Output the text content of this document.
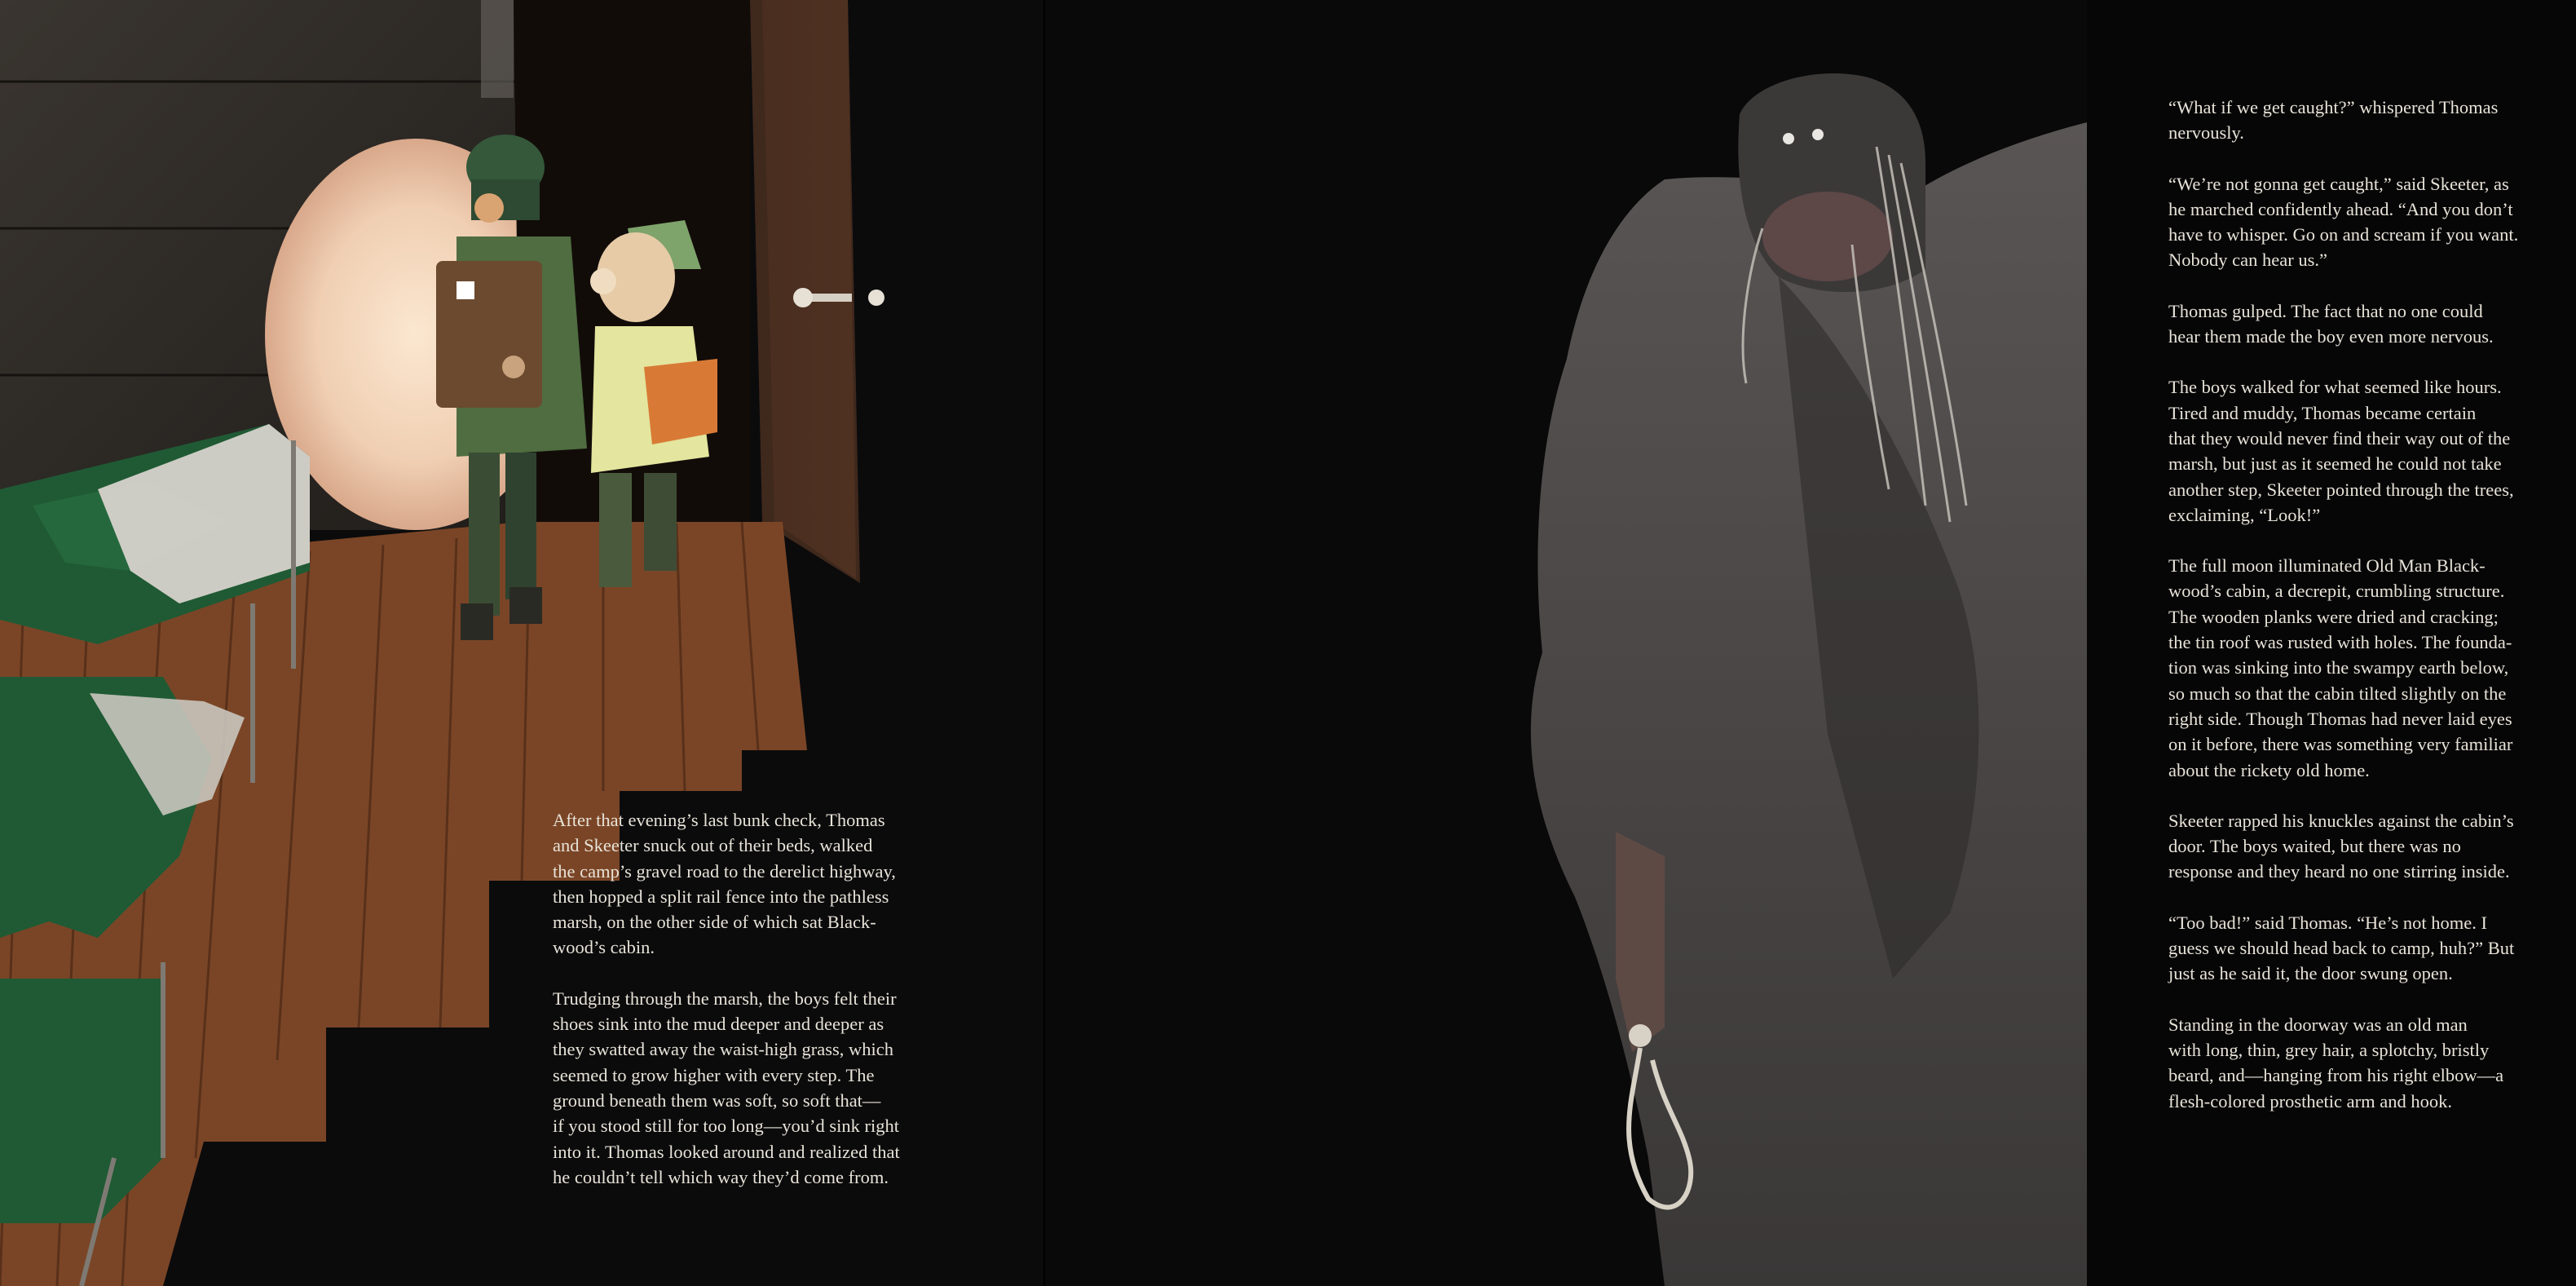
After that evening’s last bunk check, Thomas
and Skeeter snuck out of their beds, walked
the camp’s gravel road to the derelict highway,
then hopped a split rail fence into the pathless
marsh, on the other side of which sat Black-
wood’s cabin.

Trudging through the marsh, the boys felt their
shoes sink into the mud deeper and deeper as
they swatted away the waist-high grass, which
seemed to grow higher with every step. The
ground beneath them was soft, so soft that—
if you stood still for too long—you’d sink right
into it. Thomas looked around and realized that
he couldn’t tell which way they’d come from.

“What if we get caught?” whispered Thomas
nervously.

“We’re not gonna get caught,” said Skeeter, as
he marched confidently ahead. “And you don’t
have to whisper. Go on and scream if you want.
Nobody can hear us.”

Thomas gulped. The fact that no one could
hear them made the boy even more nervous.

The boys walked for what seemed like hours.
Tired and muddy, Thomas became certain
that they would never find their way out of the
marsh, but just as it seemed he could not take
another step, Skeeter pointed through the trees,
exclaiming, “Look!”

The full moon illuminated Old Man Black-
wood’s cabin, a decrepit, crumbling structure.
The wooden planks were dried and cracking;
the tin roof was rusted with holes. The founda-
tion was sinking into the swampy earth below,
so much so that the cabin tilted slightly on the
right side. Though Thomas had never laid eyes
on it before, there was something very familiar
about the rickety old home.

Skeeter rapped his knuckles against the cabin’s
door. The boys waited, but there was no
response and they heard no one stirring inside.

“Too bad!” said Thomas. “He’s not home. I
guess we should head back to camp, huh?” But
just as he said it, the door swung open.

Standing in the doorway was an old man
with long, thin, grey hair, a splotchy, bristly
beard, and—hanging from his right elbow—a
flesh-colored prosthetic arm and hook.
